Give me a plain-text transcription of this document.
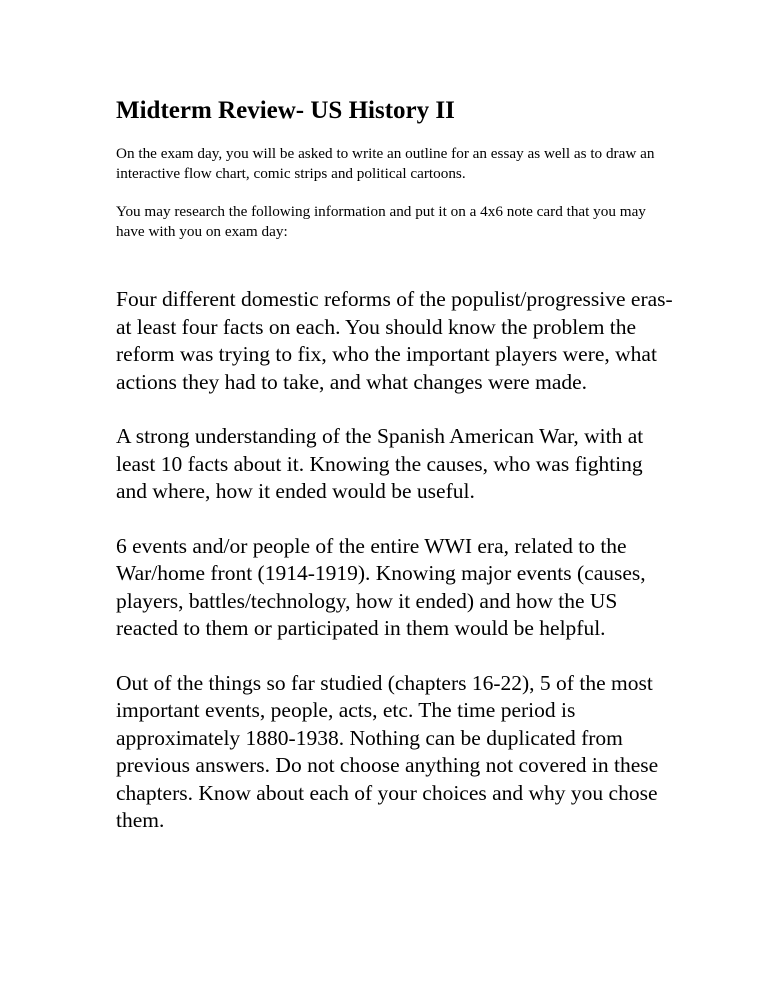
Midterm Review- US History II

On the exam day, you will be asked to write an outline for an essay as well as to draw an interactive flow chart, comic strips and political cartoons.

You may research the following information and put it on a 4x6 note card that you may have with you on exam day:

Four different domestic reforms of the populist/progressive eras- at least four facts on each. You should know the problem the reform was trying to fix, who the important players were, what actions they had to take, and what changes were made.

A strong understanding of the Spanish American War, with at least 10 facts about it. Knowing the causes, who was fighting and where, how it ended would be useful.

6 events and/or people of the entire WWI era, related to the War/home front (1914-1919). Knowing major events (causes, players, battles/technology, how it ended) and how the US reacted to them or participated in them would be helpful.

Out of the things so far studied (chapters 16-22), 5 of the most important events, people, acts, etc. The time period is approximately 1880-1938. Nothing can be duplicated from previous answers. Do not choose anything not covered in these chapters. Know about each of your choices and why you chose them.
